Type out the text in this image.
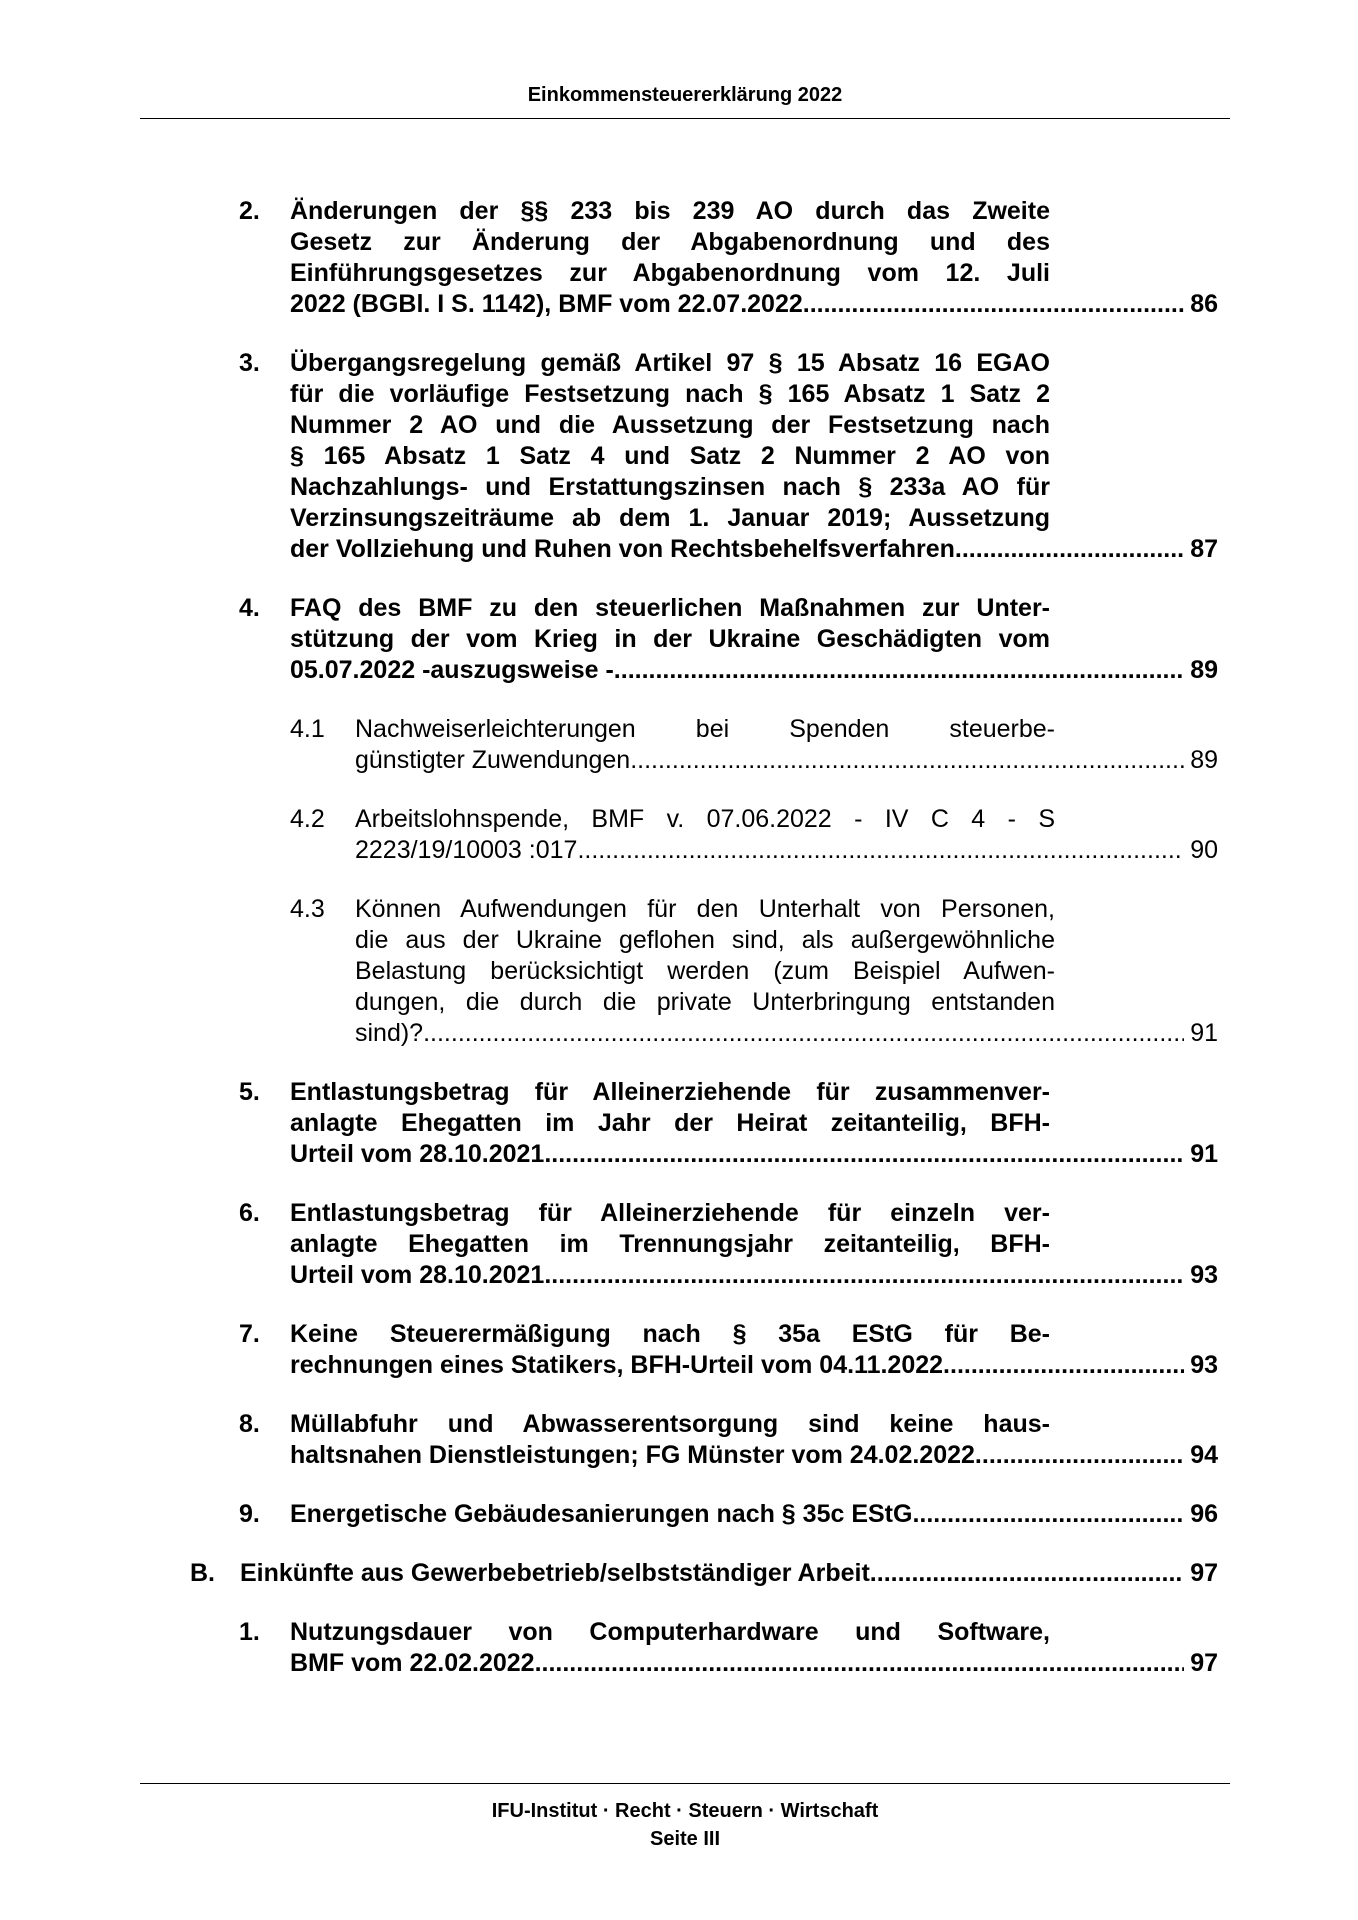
Einkommensteuererklärung 2022
2. Änderungen der §§ 233 bis 239 AO durch das Zweite
Gesetz zur Änderung der Abgabenordnung und des
Einführungsgesetzes zur Abgabenordnung vom 12. Juli
2022 (BGBl. I S. 1142), BMF vom 22.07.2022 .....	86
3. Übergangsregelung gemäß Artikel 97 § 15 Absatz 16 EGAO
für die vorläufige Festsetzung nach § 165 Absatz 1 Satz 2
Nummer 2 AO und die Aussetzung der Festsetzung nach
§ 165 Absatz 1 Satz 4 und Satz 2 Nummer 2 AO von
Nachzahlungs- und Erstattungszinsen nach § 233a AO für
Verzinsungszeiträume ab dem 1. Januar 2019; Aussetzung
der Vollziehung und Ruhen von Rechtsbehelfsverfahren .....	87
4. FAQ des BMF zu den steuerlichen Maßnahmen zur Unter-
stützung der vom Krieg in der Ukraine Geschädigten vom
05.07.2022 -auszugsweise - .....	89
4.1 Nachweiserleichterungen bei Spenden steuerbe-
günstigter Zuwendungen .....	89
4.2 Arbeitslohnspende, BMF v. 07.06.2022 - IV C 4 - S
2223/19/10003 :017 .....	90
4.3 Können Aufwendungen für den Unterhalt von Personen,
die aus der Ukraine geflohen sind, als außergewöhnliche
Belastung berücksichtigt werden (zum Beispiel Aufwen-
dungen, die durch die private Unterbringung entstanden
sind)? .....	91
5. Entlastungsbetrag für Alleinerziehende für zusammenver-
anlagte Ehegatten im Jahr der Heirat zeitanteilig, BFH-
Urteil vom 28.10.2021 .....	91
6. Entlastungsbetrag für Alleinerziehende für einzeln ver-
anlagte Ehegatten im Trennungsjahr zeitanteilig, BFH-
Urteil vom 28.10.2021 .....	93
7. Keine Steuerermäßigung nach § 35a EStG für Be-
rechnungen eines Statikers, BFH-Urteil vom 04.11.2022 .....	93
8. Müllabfuhr und Abwasserentsorgung sind keine haus-
haltsnahen Dienstleistungen; FG Münster vom 24.02.2022 .....	94
9. Energetische Gebäudesanierungen nach § 35c EStG .....	96
B. Einkünfte aus Gewerbebetrieb/selbstständiger Arbeit .....	97
1. Nutzungsdauer von Computerhardware und Software,
BMF vom 22.02.2022 .....	97
IFU-Institut · Recht · Steuern · Wirtschaft
Seite III
